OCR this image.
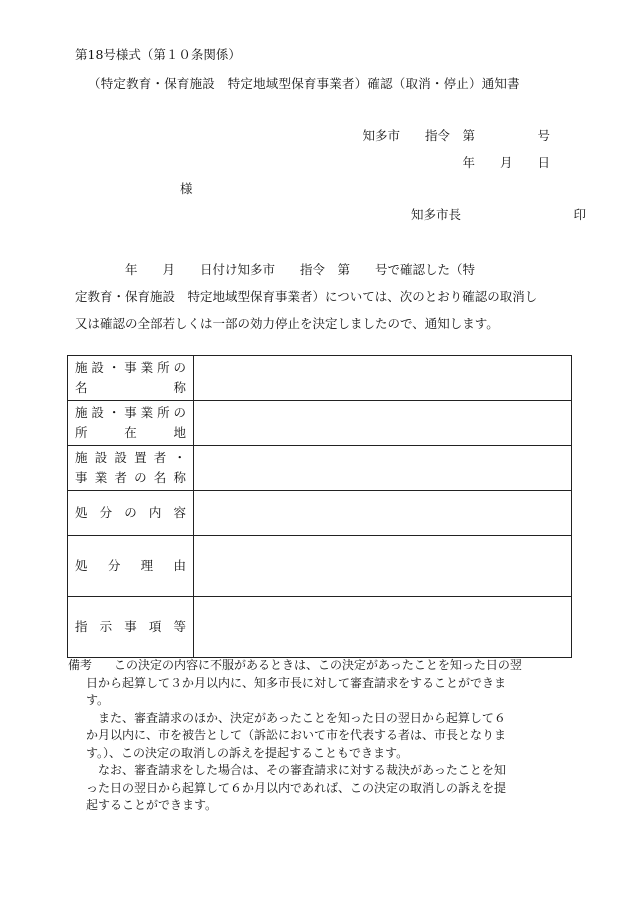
第18号様式（第１０条関係）
（特定教育・保育施設　特定地域型保育事業者）確認（取消・停止）通知書
知多市　　指令　第　　　　　号
年　　月　　日
様
知多市長　　　　　　　　　印
　　　　年　　月　　日付け知多市　　指令　第　　号で確認した（特
定教育・保育施設　特定地域型保育事業者）については、次のとおり確認の取消し
又は確認の全部若しくは一部の効力停止を決定しましたので、通知します。
施設・事業所の
名称	

施設・事業所の
所在地	

施設設置者・
事業者の名称	

処分の内容	

処分理由	

指示事項等	

備考 この決定の内容に不服があるときは、この決定があったことを知った日の翌
日から起算して３か月以内に、知多市長に対して審査請求をすることができま
す。
また、審査請求のほか、決定があったことを知った日の翌日から起算して６
か月以内に、市を被告として（訴訟において市を代表する者は、市長となりま
す。）、この決定の取消しの訴えを提起することもできます。
なお、審査請求をした場合は、その審査請求に対する裁決があったことを知
った日の翌日から起算して６か月以内であれば、この決定の取消しの訴えを提
起することができます。
